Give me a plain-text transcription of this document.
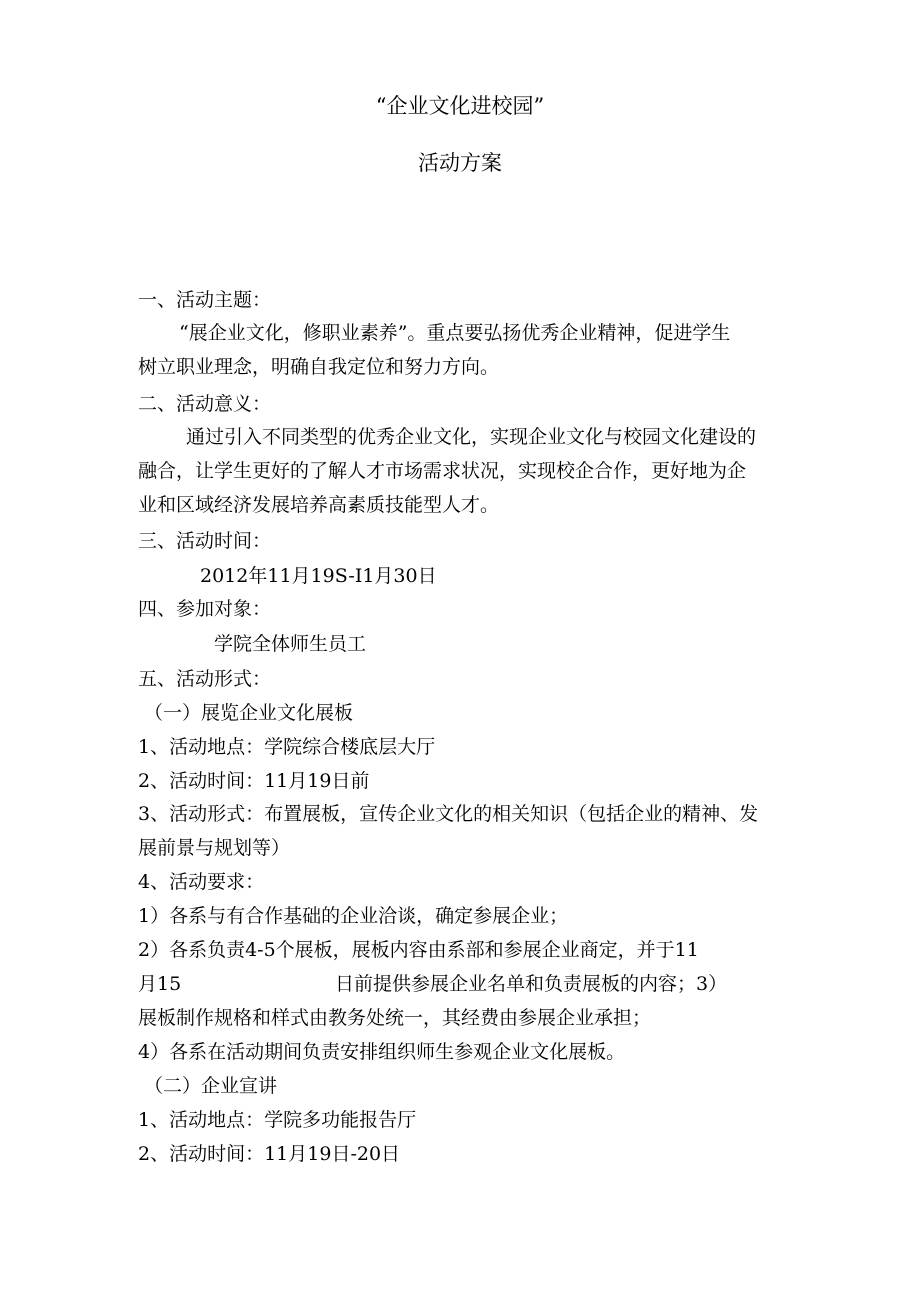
“企业文化进校园”
活动方案

一、活动主题：

“展企业文化，修职业素养”。重点要弘扬优秀企业精神，促进学生

树立职业理念，明确自我定位和努力方向。

二、活动意义：

通过引入不同类型的优秀企业文化，实现企业文化与校园文化建设的

融合，让学生更好的了解人才市场需求状况，实现校企合作，更好地为企

业和区域经济发展培养高素质技能型人才。

三、活动时间：

2012年11月19S-I1月30日

四、参加对象：

学院全体师生员工

五、活动形式：

（一）展览企业文化展板

1、活动地点：学院综合楼底层大厅

2、活动时间：11月19日前

3、活动形式：布置展板，宣传企业文化的相关知识（包括企业的精神、发

展前景与规划等）

4、活动要求：

1）各系与有合作基础的企业洽谈，确定参展企业；

2）各系负责4-5个展板，展板内容由系部和参展企业商定，并于11

月15	日前提供参展企业名单和负责展板的内容；3）

展板制作规格和样式由教务处统一，其经费由参展企业承担；

4）各系在活动期间负责安排组织师生参观企业文化展板。

（二）企业宣讲

1、活动地点：学院多功能报告厅

2、活动时间：11月19日-20日
